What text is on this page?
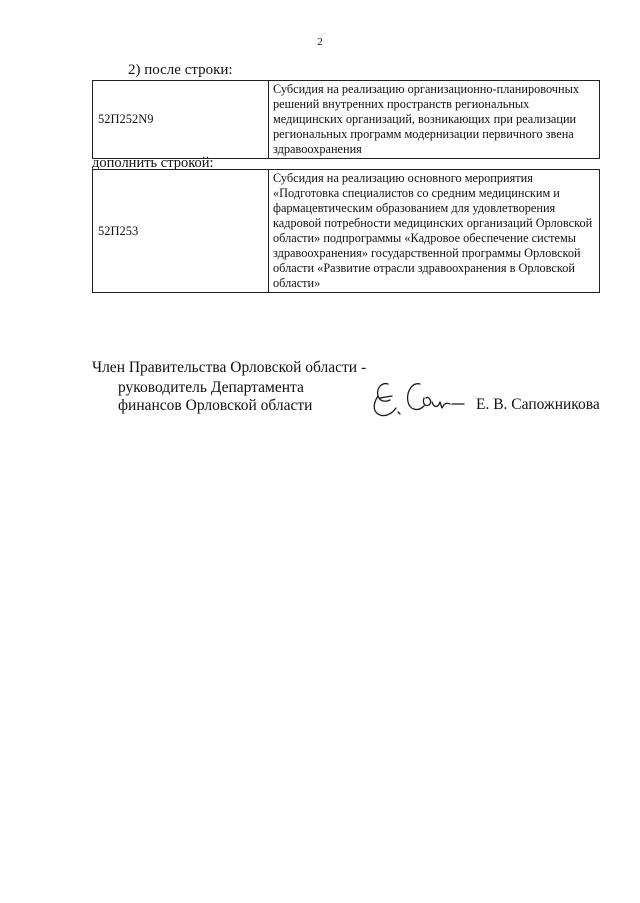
2
2) после строки:
52П252N9	Субсидия на реализацию организационно-планировочных решений внутренних пространств региональных медицинских организаций, возникающих при реализации региональных программ модернизации первичного звена здравоохранения
дополнить строкой:
52П253	Субсидия на реализацию основного мероприятия «Подготовка специалистов со средним медицинским и фармацевтическим образованием для удовлетворения кадровой потребности медицинских организаций Орловской области» подпрограммы «Кадровое обеспечение системы здравоохранения» государственной программы Орловской области «Развитие отрасли здравоохранения в Орловской области»
Член Правительства Орловской области -
руководитель Департамента
финансов Орловской области	Е. В. Сапожникова
